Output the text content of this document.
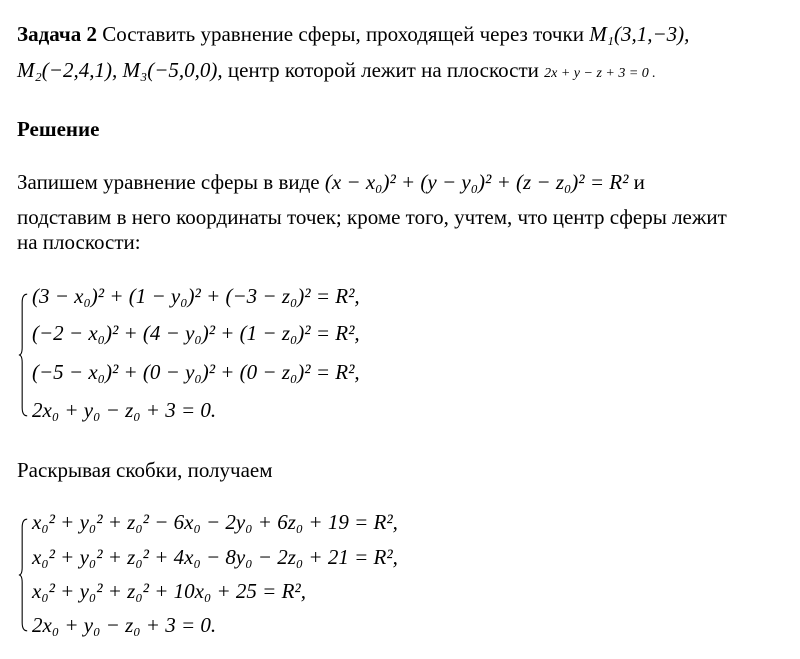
Задача 2 Составить уравнение сферы, проходящей через точки M₁(3,1,−3),
M₂(−2,4,1), M₃(−5,0,0), центр которой лежит на плоскости 2x + y − z + 3 = 0 .
Решение
Запишем уравнение сферы в виде (x − x₀)² + (y − y₀)² + (z − z₀)² = R² и
подставим в него координаты точек; кроме того, учтем, что центр сферы лежит
на плоскости:
(3 − x₀)² + (1 − y₀)² + (−3 − z₀)² = R²,
(−2 − x₀)² + (4 − y₀)² + (1 − z₀)² = R²,
(−5 − x₀)² + (0 − y₀)² + (0 − z₀)² = R²,
2x₀ + y₀ − z₀ + 3 = 0.
Раскрывая скобки, получаем
x₀² + y₀² + z₀² − 6x₀ − 2y₀ + 6z₀ + 19 = R²,
x₀² + y₀² + z₀² + 4x₀ − 8y₀ − 2z₀ + 21 = R²,
x₀² + y₀² + z₀² + 10x₀ + 25 = R²,
2x₀ + y₀ − z₀ + 3 = 0.
